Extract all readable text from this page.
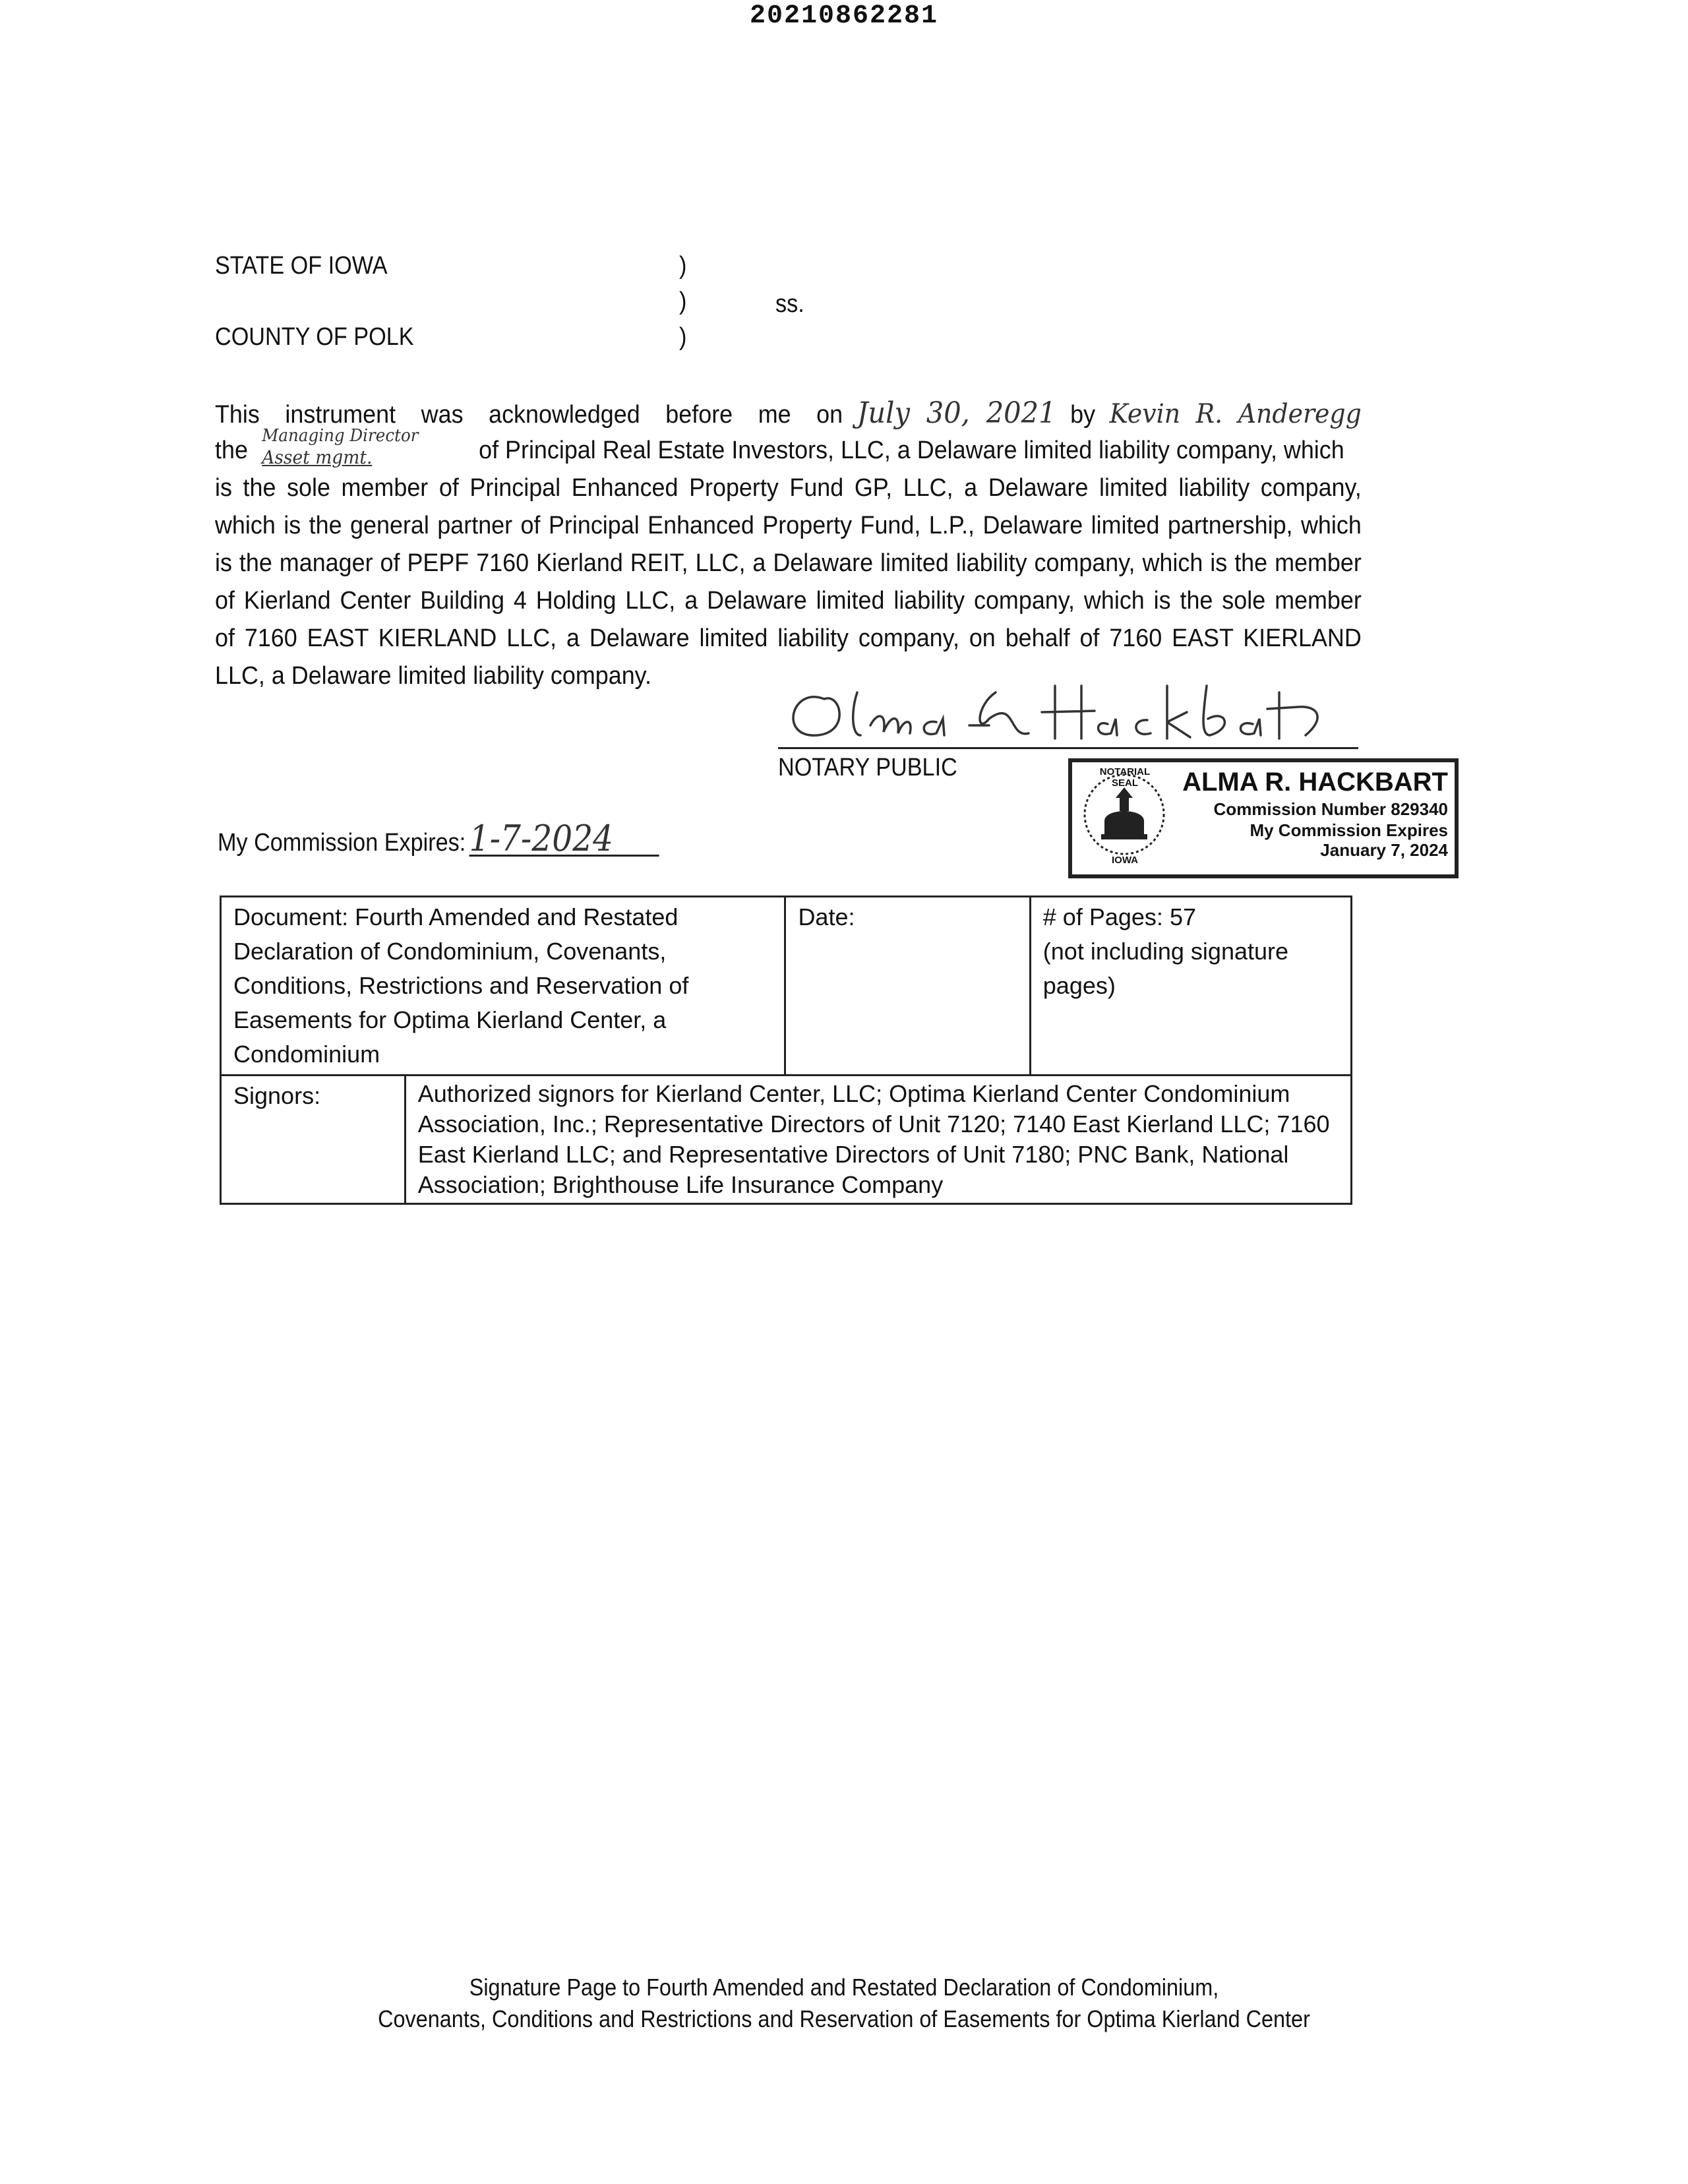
20210862281
STATE OF IOWA
COUNTY OF POLK
)
)
)
ss.
This instrument was acknowledged before me on July 30, 2021 by Kevin R. Anderegg
the
Managing Director
Asset mgmt.	of Principal Real Estate Investors, LLC, a Delaware limited liability company, which
is the sole member of Principal Enhanced Property Fund GP, LLC, a Delaware limited liability company,
which is the general partner of Principal Enhanced Property Fund, L.P., Delaware limited partnership, which
is the manager of PEPF 7160 Kierland REIT, LLC, a Delaware limited liability company, which is the member
of Kierland Center Building 4 Holding LLC, a Delaware limited liability company, which is the sole member
of 7160 EAST KIERLAND LLC, a Delaware limited liability company, on behalf of 7160 EAST KIERLAND
LLC, a Delaware limited liability company.
NOTARY PUBLIC
My Commission Expires: 1-7-2024
NOTARIAL SEAL
IOWA
ALMA R. HACKBART
Commission Number 829340
My Commission Expires
January 7, 2024
Document: Fourth Amended and Restated Declaration of Condominium, Covenants, Conditions, Restrictions and Reservation of Easements for Optima Kierland Center, a Condominium		Date:	# of Pages: 57
(not including signature pages)
Signors:	Authorized signors for Kierland Center, LLC; Optima Kierland Center Condominium Association, Inc.; Representative Directors of Unit 7120; 7140 East Kierland LLC; 7160 East Kierland LLC; and Representative Directors of Unit 7180; PNC Bank, National Association; Brighthouse Life Insurance Company		
Signature Page to Fourth Amended and Restated Declaration of Condominium,
Covenants, Conditions and Restrictions and Reservation of Easements for Optima Kierland Center
